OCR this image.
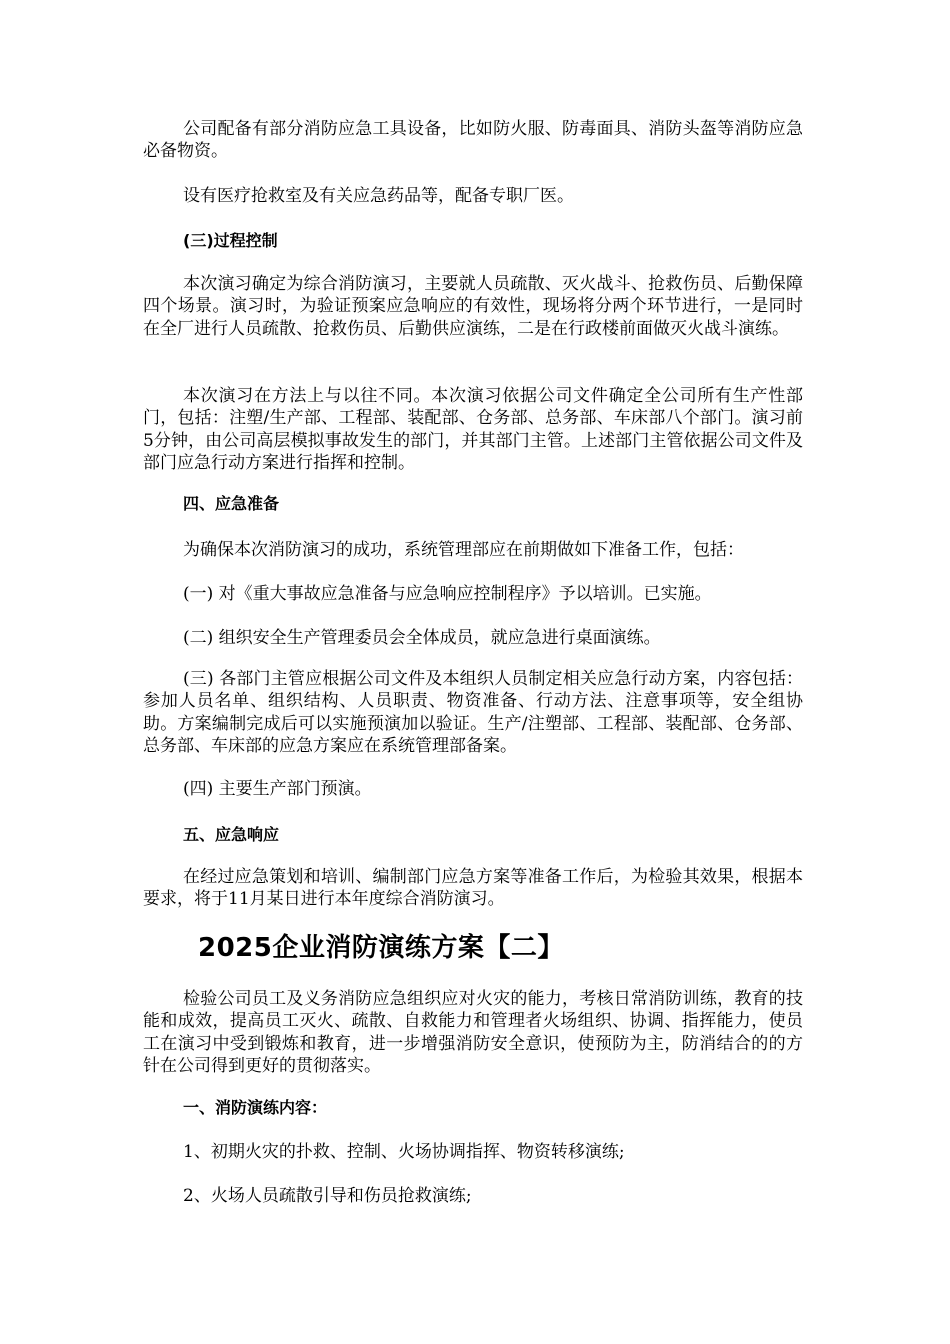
公司配备有部分消防应急工具设备，比如防火服、防毒面具、消防头盔等消防应急必备物资。

设有医疗抢救室及有关应急药品等，配备专职厂医。

(三)过程控制

本次演习确定为综合消防演习，主要就人员疏散、灭火战斗、抢救伤员、后勤保障四个场景。演习时，为验证预案应急响应的有效性，现场将分两个环节进行，一是同时在全厂进行人员疏散、抢救伤员、后勤供应演练，二是在行政楼前面做灭火战斗演练。

本次演习在方法上与以往不同。本次演习依据公司文件确定全公司所有生产性部门，包括：注塑/生产部、工程部、装配部、仓务部、总务部、车床部八个部门。演习前5分钟，由公司高层模拟事故发生的部门，并其部门主管。上述部门主管依据公司文件及部门应急行动方案进行指挥和控制。

四、应急准备

为确保本次消防演习的成功，系统管理部应在前期做如下准备工作，包括：

(一) 对《重大事故应急准备与应急响应控制程序》予以培训。已实施。

(二) 组织安全生产管理委员会全体成员，就应急进行桌面演练。

(三) 各部门主管应根据公司文件及本组织人员制定相关应急行动方案，内容包括：参加人员名单、组织结构、人员职责、物资准备、行动方法、注意事项等，安全组协助。方案编制完成后可以实施预演加以验证。生产/注塑部、工程部、装配部、仓务部、总务部、车床部的应急方案应在系统管理部备案。

(四) 主要生产部门预演。

五、应急响应

在经过应急策划和培训、编制部门应急方案等准备工作后，为检验其效果，根据本要求，将于11月某日进行本年度综合消防演习。

2025企业消防演练方案【二】

检验公司员工及义务消防应急组织应对火灾的能力，考核日常消防训练，教育的技能和成效，提高员工灭火、疏散、自救能力和管理者火场组织、协调、指挥能力，使员工在演习中受到锻炼和教育，进一步增强消防安全意识，使预防为主，防消结合的的方针在公司得到更好的贯彻落实。

一、消防演练内容：

1、初期火灾的扑救、控制、火场协调指挥、物资转移演练;

2、火场人员疏散引导和伤员抢救演练;
